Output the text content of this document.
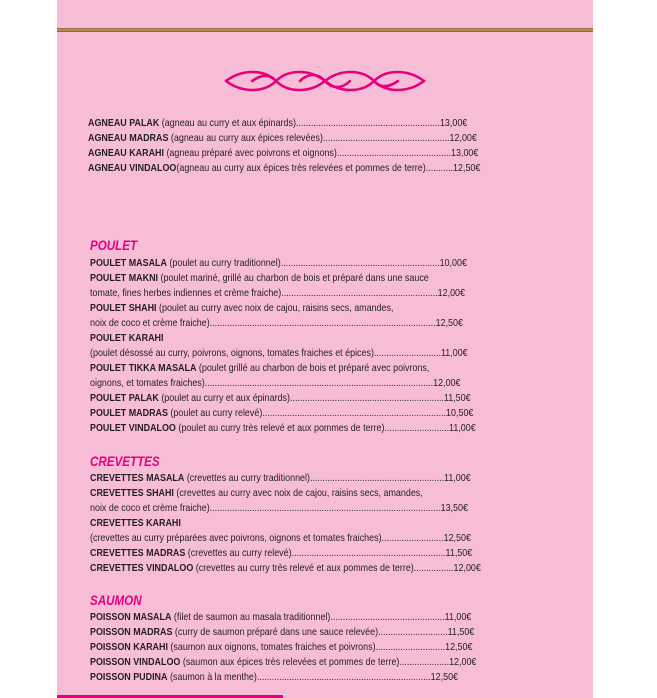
AGNEAU PALAK (agneau au curry et aux épinards)..........................................................13,00€
AGNEAU MADRAS (agneau au curry aux épices relevées)...................................................12,00€
AGNEAU KARAHI (agneau préparé avec poivrons et oignons)..............................................13,00€
AGNEAU VINDALOO(agneau au curry aux épices très relevées et pommes de terre)...........12,50€
POULET
POULET MASALA (poulet au curry traditionnel)................................................................10,00€
POULET MAKNI (poulet mariné, grillé au charbon de bois et préparé dans une sauce
tomate, fines herbes indiennes et crème fraiche)...............................................................12,00€
POULET SHAHI (poulet au curry avec noix de cajou, raisins secs, amandes,
noix de coco et crème fraiche)...........................................................................................12,50€
POULET KARAHI
(poulet désossé au curry, poivrons, oignons, tomates fraiches et épices)...........................11,00€
POULET TIKKA MASALA (poulet grillé au charbon de bois et préparé avec poivrons,
oignons, et tomates fraiches)............................................................................................12,00€
POULET PALAK (poulet au curry et aux épinards)..............................................................11,50€
POULET MADRAS (poulet au curry relevé)..........................................................................10,50€
POULET VINDALOO (poulet au curry très relevé et aux pommes de terre)..........................11,00€
CREVETTES
CREVETTES MASALA (crevettes au curry traditionnel)......................................................11,00€
CREVETTES SHAHI (crevettes au curry avec noix de cajou, raisins secs, amandes,
noix de coco et crème fraiche).............................................................................................13,50€
CREVETTES KARAHI
(crevettes au curry préparées avec poivrons, oignons et tomates fraiches).........................12,50€
CREVETTES MADRAS (crevettes au curry relevé)..............................................................11,50€
CREVETTES VINDALOO (crevettes au curry très relevé et aux pommes de terre)................12,00€
SAUMON
POISSON MASALA (filet de saumon au masala traditionnel)..............................................11,00€
POISSON MADRAS (curry de saumon préparé dans une sauce relevée)............................11,50€
POISSON KARAHI (saumon aux oignons, tomates fraiches et poivrons)............................12,50€
POISSON VINDALOO (saumon aux épices très relevées et pommes de terre)....................12,00€
POISSON PUDINA (saumon à la menthe)......................................................................12,50€
